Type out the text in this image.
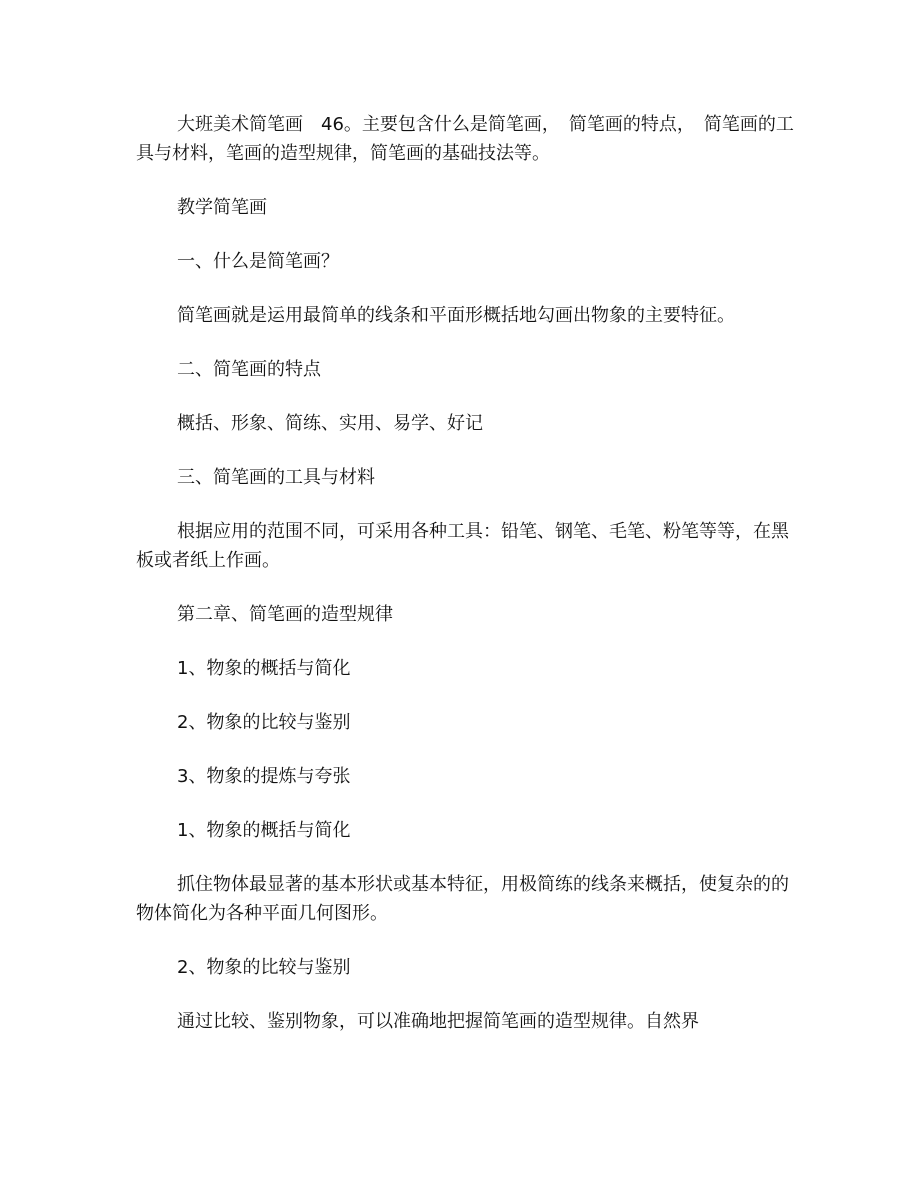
大班美术简笔画　46。主要包含什么是简笔画，　简笔画的特点，　简笔画的工具与材料，笔画的造型规律，简笔画的基础技法等。

教学简笔画

一、什么是简笔画？

简笔画就是运用最简单的线条和平面形概括地勾画出物象的主要特征。

二、简笔画的特点

概括、形象、简练、实用、易学、好记

三、简笔画的工具与材料

根据应用的范围不同，可采用各种工具：铅笔、钢笔、毛笔、粉笔等等，在黑板或者纸上作画。

第二章、简笔画的造型规律

1、物象的概括与简化

2、物象的比较与鉴别

3、物象的提炼与夸张

1、物象的概括与简化

抓住物体最显著的基本形状或基本特征，用极简练的线条来概括，使复杂的的物体简化为各种平面几何图形。

2、物象的比较与鉴别

通过比较、鉴别物象，可以准确地把握简笔画的造型规律。自然界
